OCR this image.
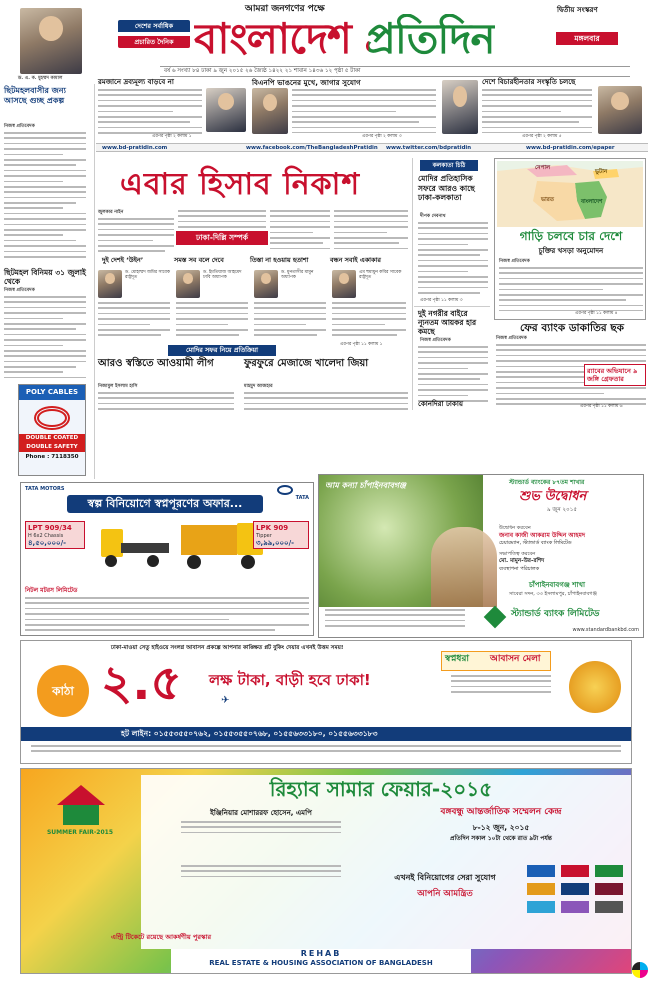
ড. এ. ক. মুহম্মদ কামাল
আমরা জনগণের পক্ষে
বাংলাদেশ প্রতিদিন
দেশের সর্বাধিক
প্রচারিত দৈনিক
দ্বিতীয় সংস্করণ
মঙ্গলবার
বর্ষ ৬ সংখ্যা ৮৪ ঢাকা ৯ জুন ২০১৫ ২৬ জ্যৈষ্ঠ ১৪২২ ২১ শাবান ১৪৩৬ ১২ পৃষ্ঠা ৫ টাকা
ছিটমহলবাসীর জন্য আসছে গুচ্ছ প্রকল্প
নিজস্ব প্রতিবেদক
ছিটমহল বিনিময় ৩১ জুলাই থেকে
নিজস্ব প্রতিবেদক
POLY CABLES
DOUBLE COATED
DOUBLE SAFETY
Phone : 7118350
রমজানে দ্রব্যমূল্য বাড়বে না
এরপর পৃষ্ঠা ২ কলাম ১
বিএনপি ভাঙনের মুখে, জাগার সুযোগ
এরপর পৃষ্ঠা ২ কলাম ৩
দেশে বিচারহীনতার সংস্কৃতি চলছে
এরপর পৃষ্ঠা ২ কলাম ৫
www.bd-pratidin.com	www.facebook.com/TheBangladeshPratidin www.twitter.com/bdpratidin	www.bd-pratidin.com/epaper
এবার হিসাব নিকাশ
জুলকার নাইন
ঢাকা-দিল্লি সম্পর্ক
দুই দেশই ‘উইন’	সমস্ত সব বলে দেবে	তিস্তা না হওয়ায় হতাশা	বন্ধন সবাই একাকার
ড. মোহাম্মদ জমির সাবেক রাষ্ট্রদূত
ড. ইমতিয়াজ আহমেদ ঢাবি অধ্যাপক
ড. মুনতাসীর মামুন অধ্যাপক
এম হুমায়ুন কবির সাবেক রাষ্ট্রদূত
এরপর পৃষ্ঠা ১১ কলাম ১
কলকাতা চিঠি
মোদির প্রতিহাসিক সফরে আরও কাছে ঢাকা-কলকাতা
দীপক দেবনাথ
এরপর পৃষ্ঠা ১১ কলাম ৩
দুই নগরীর বাইরে ন্যূনতম আয়কর হার কমছে
নিজস্ব প্রতিবেদক
নেপাল
ভুটান
ভারত	বাংলাদেশ
গাড়ি চলবে চার দেশে
চুক্তির খসড়া অনুমোদন
নিজস্ব প্রতিবেদক
এরপর পৃষ্ঠা ১১ কলাম ৪
ফের ব্যাংক ডাকাতির ছক
নিজস্ব প্রতিবেদক
র‌্যাবের অভিযানে ৯ জঙ্গি গ্রেফতার
এরপর পৃষ্ঠা ১১ কলাম ৬
মোদির সফর নিয়ে প্রতিক্রিয়া
আরও স্বস্তিতে আওয়ামী লীগ
নিজামুল ইসলাম হাসি
ফুরফুরে মেজাজে খালেদা জিয়া
মাহমুদ আজহার
কোনদিরা ঢাকায়
TATA MOTORS
TATA
স্বল্প বিনিয়োগে স্বপ্নপূরণের অফার...
LPT 909/34
H 6x2 Chassis
৪,৫০,০০০/-
LPK 909
Tipper
৩,৯৯,০০০/-
নিটল মটরস লিমিটেড
আম কন্যা চাঁপাইনবাবগঞ্জ	স্ট্যান্ডার্ড ব্যাংকের ৮৭তম শাখার
শুভ উদ্বোধন
৯ জুন ২০১৫
উদ্বোধন করবেন
জনাব কাজী আকরাম উদ্দিন আহমদ
চেয়ারম্যান, স্ট্যান্ডার্ড ব্যাংক লিমিটেড
সভাপতিত্ব করবেন
মো. মামুন-উর-রশিদ
ব্যবস্থাপনা পরিচালক
চাঁপাইনবাবগঞ্জ শাখা
সাবেরা সদন, ৩৩ ইসলামপুর, চাঁপাইনবাবগঞ্জ
স্ট্যান্ডার্ড ব্যাংক লিমিটেড
www.standardbankbd.com
ঢাকা-মাওয়া সেতু হাইওয়ে সংলগ্ন আবাসন প্রকল্পে আপনার কাঙ্ক্ষিত প্লট বুকিং দেয়ার এখনই উত্তম সময়!
কাঠা ২.৫ লক্ষ টাকা, বাড়ী হবে ঢাকা!
✈
স্বপ্নধরা আবাসন মেলা
হট লাইন: ০১৫৫৩৫৫০৭৬২, ০১৫৫৩৫৫০৭৬৮, ০১৫৫৬৩৩১৮০, ০১৫৫৬৩৩১৮৩
SUMMER FAIR-2015
রিহ্যাব সামার ফেয়ার-২০১৫
ইঞ্জিনিয়ার মোশাররফ হোসেন, এমপি	বঙ্গবন্ধু আন্তর্জাতিক সম্মেলন কেন্দ্র
৮-১২ জুন, ২০১৫
প্রতিদিন সকাল ১০টা থেকে রাত ৯টা পর্যন্ত
এখনই বিনিয়োগের সেরা সুযোগ
আপনি আমন্ত্রিত
এন্ট্রি টিকেটে রয়েছে আকর্ষণীয় পুরস্কার
REHAB
REAL ESTATE & HOUSING ASSOCIATION OF BANGLADESH
